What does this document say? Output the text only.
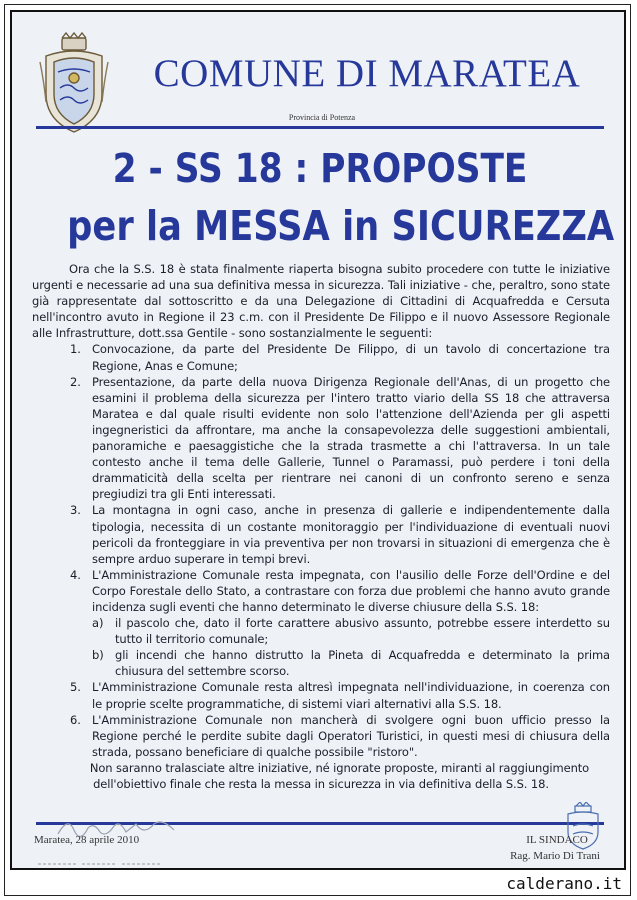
COMUNE DI MARATEA
Provincia di Potenza
2 - SS 18 : PROPOSTE
per la MESSA in SICUREZZA
Ora che la S.S. 18 è stata finalmente riaperta bisogna subito procedere con tutte le iniziative urgenti e necessarie ad una sua definitiva messa in sicurezza. Tali iniziative - che, peraltro, sono state già rappresentate dal sottoscritto e da una Delegazione di Cittadini di Acquafredda e Cersuta nell'incontro avuto in Regione il 23 c.m. con il Presidente De Filippo e il nuovo Assessore Regionale alle Infrastrutture, dott.ssa Gentile - sono sostanzialmente le seguenti:
1. Convocazione, da parte del Presidente De Filippo, di un tavolo di concertazione tra Regione, Anas e Comune;
2. Presentazione, da parte della nuova Dirigenza Regionale dell'Anas, di un progetto che esamini il problema della sicurezza per l'intero tratto viario della SS 18 che attraversa Maratea e dal quale risulti evidente non solo l'attenzione dell'Azienda per gli aspetti ingegneristici da affrontare, ma anche la consapevolezza delle suggestioni ambientali, panoramiche e paesaggistiche che la strada trasmette a chi l'attraversa. In un tale contesto anche il tema delle Gallerie, Tunnel o Paramassi, può perdere i toni della drammaticità della scelta per rientrare nei canoni di un confronto sereno e senza pregiudizi tra gli Enti interessati.
3. La montagna in ogni caso, anche in presenza di gallerie e indipendentemente dalla tipologia, necessita di un costante monitoraggio per l'individuazione di eventuali nuovi pericoli da fronteggiare in via preventiva per non trovarsi in situazioni di emergenza che è sempre arduo superare in tempi brevi.
4. L'Amministrazione Comunale resta impegnata, con l'ausilio delle Forze dell'Ordine e del Corpo Forestale dello Stato, a contrastare con forza due problemi che hanno avuto grande incidenza sugli eventi che hanno determinato le diverse chiusure della S.S. 18:
a) il pascolo che, dato il forte carattere abusivo assunto, potrebbe essere interdetto su tutto il territorio comunale;
b) gli incendi che hanno distrutto la Pineta di Acquafredda e determinato la prima chiusura del settembre scorso.
5. L'Amministrazione Comunale resta altresì impegnata nell'individuazione, in coerenza con le proprie scelte programmatiche, di sistemi viari alternativi alla S.S. 18.
6. L'Amministrazione Comunale non mancherà di svolgere ogni buon ufficio presso la Regione perché le perdite subite dagli Operatori Turistici, in questi mesi di chiusura della strada, possano beneficiare di qualche possibile "ristoro".
Non saranno tralasciate altre iniziative, né ignorate proposte, miranti al raggiungimento dell'obiettivo finale che resta la messa in sicurezza in via definitiva della S.S. 18.
Maratea, 28 aprile 2010	IL SINDACO
Rag. Mario Di Trani
calderano.it
